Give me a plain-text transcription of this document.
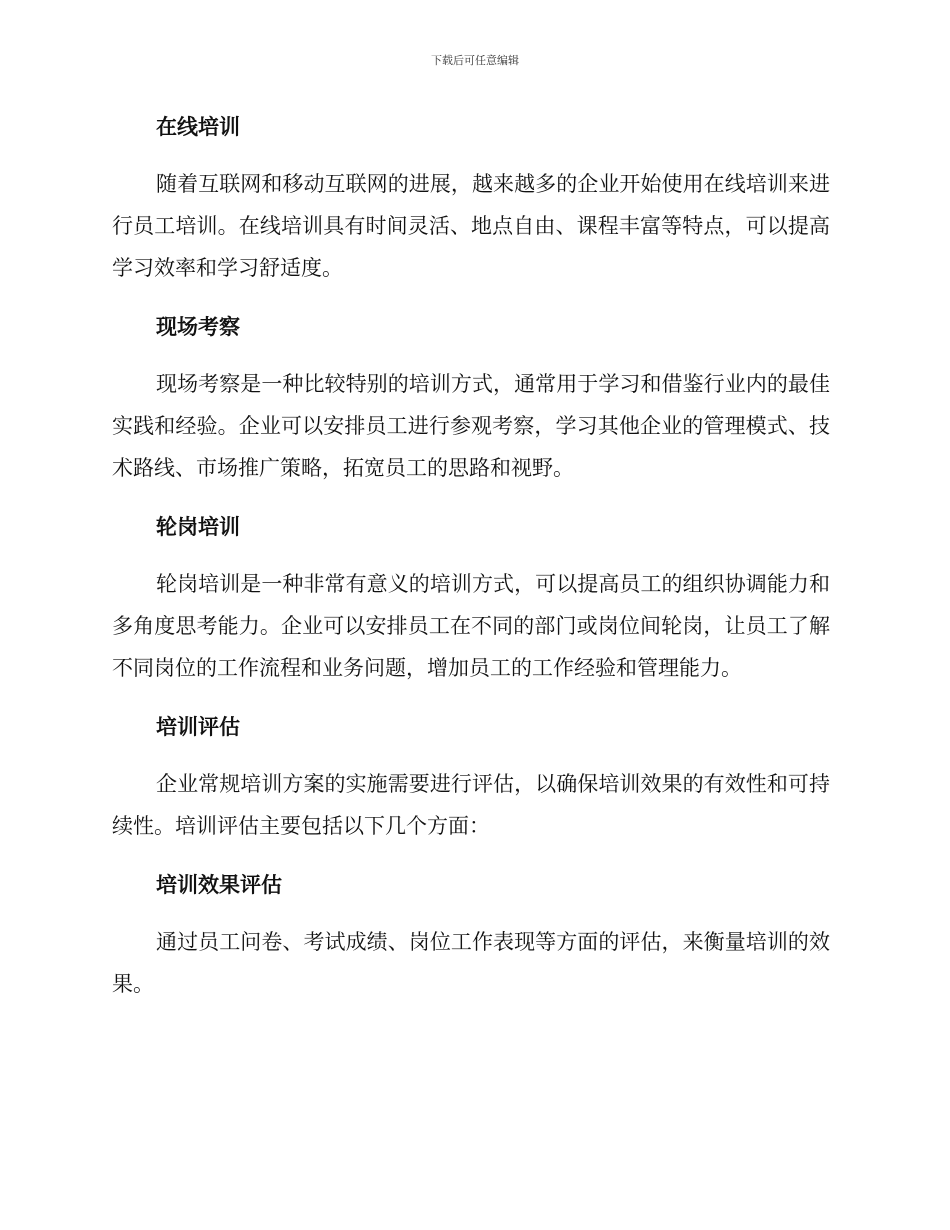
下载后可任意编辑
在线培训

随着互联网和移动互联网的进展，越来越多的企业开始使用在线培训来进行员工培训。在线培训具有时间灵活、地点自由、课程丰富等特点，可以提高学习效率和学习舒适度。

现场考察

现场考察是一种比较特别的培训方式，通常用于学习和借鉴行业内的最佳实践和经验。企业可以安排员工进行参观考察，学习其他企业的管理模式、技术路线、市场推广策略，拓宽员工的思路和视野。

轮岗培训

轮岗培训是一种非常有意义的培训方式，可以提高员工的组织协调能力和多角度思考能力。企业可以安排员工在不同的部门或岗位间轮岗，让员工了解不同岗位的工作流程和业务问题，增加员工的工作经验和管理能力。

培训评估

企业常规培训方案的实施需要进行评估，以确保培训效果的有效性和可持续性。培训评估主要包括以下几个方面：

培训效果评估

通过员工问卷、考试成绩、岗位工作表现等方面的评估，来衡量培训的效果。
